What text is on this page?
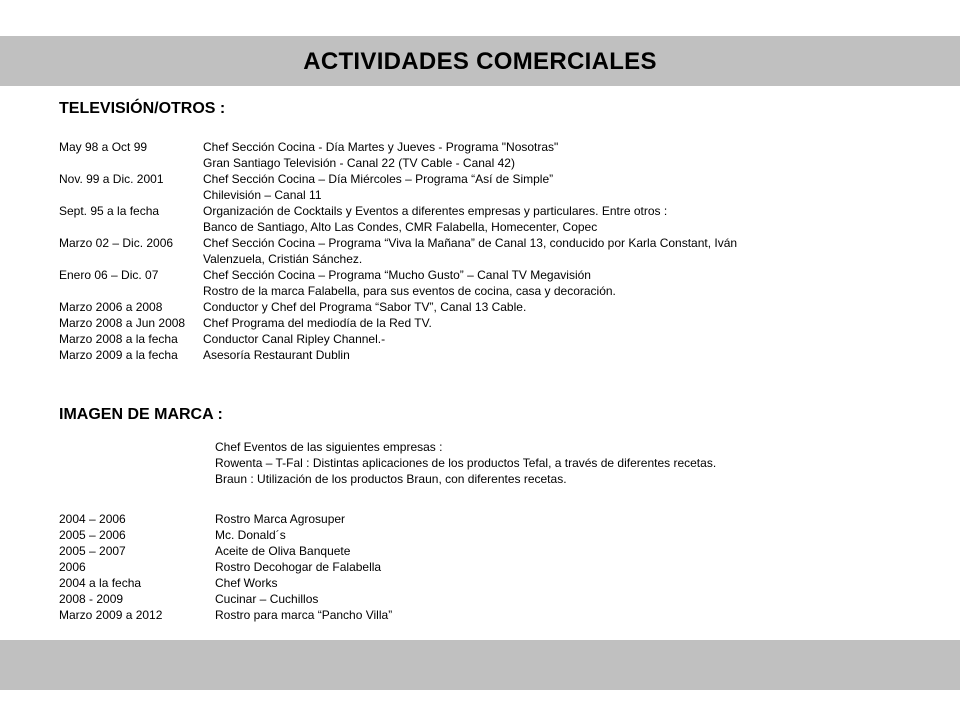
ACTIVIDADES COMERCIALES
TELEVISIÓN/OTROS :
May 98 a Oct 99	Chef Sección Cocina - Día Martes y Jueves - Programa "Nosotras"
Gran Santiago Televisión - Canal 22 (TV Cable - Canal 42)
Nov. 99 a Dic. 2001	Chef Sección Cocina – Día Miércoles – Programa “Así de Simple”
Chilevisión – Canal 11
Sept. 95 a la fecha	Organización de Cocktails y Eventos a diferentes empresas y particulares. Entre otros :
Banco de Santiago, Alto Las Condes, CMR Falabella, Homecenter, Copec
Marzo 02 – Dic. 2006	Chef Sección Cocina – Programa “Viva la Mañana” de Canal 13, conducido por Karla Constant, Iván
Valenzuela, Cristián Sánchez.
Enero 06 – Dic. 07	Chef Sección Cocina – Programa “Mucho Gusto” – Canal TV Megavisión
Rostro de la marca Falabella, para sus eventos de cocina, casa y decoración.
Marzo 2006 a 2008	Conductor y Chef del Programa “Sabor TV”, Canal 13 Cable.
Marzo 2008 a Jun 2008	Chef Programa del mediodía de la Red TV.
Marzo 2008 a la fecha	Conductor Canal Ripley Channel.-
Marzo 2009 a la fecha	Asesoría Restaurant Dublin
IMAGEN DE MARCA :
Chef Eventos de las siguientes empresas :
Rowenta – T-Fal : Distintas aplicaciones de los productos Tefal, a través de diferentes recetas.
Braun : Utilización de los productos Braun, con diferentes recetas.
2004 – 2006	Rostro Marca Agrosuper
2005 – 2006	Mc. Donald´s
2005 – 2007	Aceite de Oliva Banquete
2006	Rostro Decohogar de Falabella
2004 a la fecha	Chef Works
2008 - 2009	Cucinar – Cuchillos
Marzo 2009 a 2012	Rostro para marca “Pancho Villa”
